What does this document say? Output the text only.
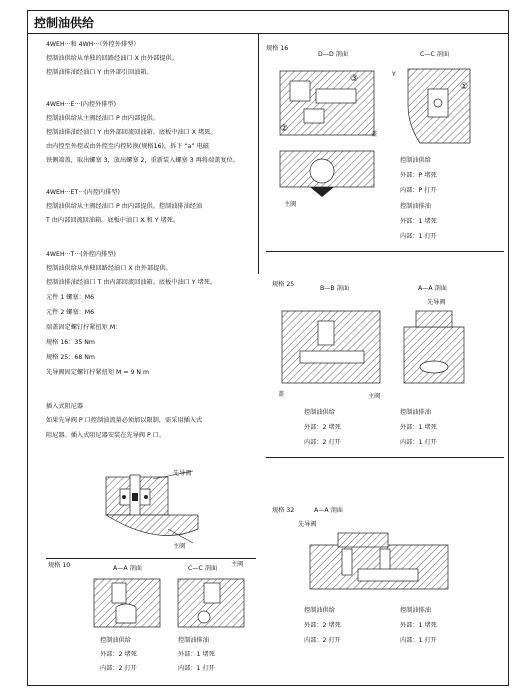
控制油供给
4WEH···和 4WH···（外控外排型）
控制油供给从单独的回路经油口 X 由外部提供。
控制油排油经油口 Y 由外部引回油箱。
4WEH···E···(内控外排型)
控制油供给从主阀经油口 P 由内部提供。
控制油排油经油口 Y 由外部回流回油箱。底板中油口 X 堵死。
由内控至外控或由外控至内控转换(规格16)，拆下 “a” 电磁
铁侧端盖，取出螺塞 3，放出螺塞 2，重新装入螺塞 3 再将端盖复位。
4WEH···ET···(内控内排型)
控制油供给从主阀经油口 P 由内部提供。控制油排油经油
T 由内部回流回油箱。底板中油口 X 和 Y 堵死。
4WEH···T···(外控内排型)
控制油供给从单独回路经油口 X 由外部提供。
控制油排油经油口 T 由内部回流回油箱。底板中油口 Y 堵死。
元件 1 螺塞：M6
元件 2 螺塞：M6
端盖固定螺钉拧紧扭矩 M：
规格 16：35 Nm
规格 25：68 Nm
先导阀固定螺钉拧紧扭矩 M = 9 N m
插入式阻尼器
如果先导阀 P 口控制油流量必须加以限制，需采用插入式
阻尼器。插入式阻尼器安装在先导阀 P 口。
先导阀
主阀
规格 10	A—A 剖面	C—C 剖面
主阀
控制油供给
外部：2 堵死
内部：2 打开
控制油排油
外部：1 堵死
内部：1 打开
规格 16
D—D 剖面	C—C 剖面
Y
③
②
①
盖
主阀
控制油供给
外部：P 堵死
内部：P 打开
控制油排油
外部：1 堵死
内部：1 打开
规格 25
B—B 剖面	A—A 剖面
先导阀
盖	主阀
控制油供给
外部：2 堵死
内部：2 打开
控制油排油
外部：1 堵死
内部：1 打开
规格 32	A—A 剖面
先导阀
控制油供给
外部：2 堵死
内部：2 打开
控制油排油
外部：1 堵死
内部：1 打开
